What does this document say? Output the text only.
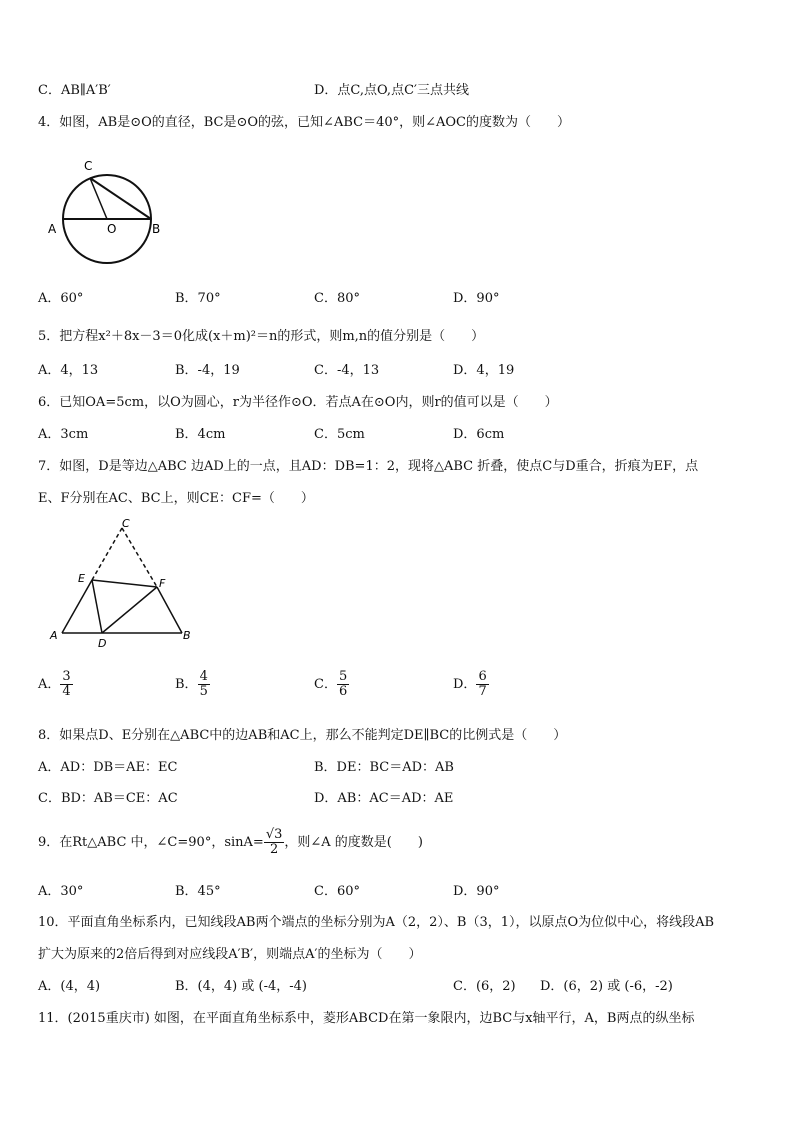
C．AB∥A′B′	D．点C,点O,点C′三点共线
4．如图，AB是⊙O的直径，BC是⊙O的弦，已知∠ABC＝40°，则∠AOC的度数为（　　）
C
A	O	B
A．60°	B．70°	C．80°	D．90°
5．把方程x²＋8x－3＝0化成(x＋m)²＝n的形式，则m,n的值分别是（　　）
A．4，13	B．-4，19	C．-4，13	D．4，19
6．已知OA=5cm，以O为圆心，r为半径作⊙O．若点A在⊙O内，则r的值可以是（　　）
A．3cm	B．4cm	C．5cm	D．6cm
7．如图，D是等边△ABC 边AD上的一点，且AD：DB=1：2，现将△ABC 折叠，使点C与D重合，折痕为EF，点
E、F分别在AC、BC上，则CE：CF=（　　）
C
E	F
A
D
B
A． $\frac{3}{4}$	B． $\frac{4}{5}$	C． $\frac{5}{6}$	D． $\frac{6}{7}$
8．如果点D、E分别在△ABC中的边AB和AC上，那么不能判定DE∥BC的比例式是（　　）
A．AD：DB＝AE：EC	B．DE：BC＝AD：AB
C．BD：AB＝CE：AC	D．AB：AC＝AD：AE
9．在Rt△ABC 中，∠C=90°，$\sin A= \frac{√3}{2}$ ，则∠A 的度数是(　　)
A．30°	B．45°	C．60°	D．90°
10．平面直角坐标系内，已知线段AB两个端点的坐标分别为A（2，2）、B（3，1），以原点O为位似中心，将线段AB
扩大为原来的2倍后得到对应线段A′B′，则端点A′的坐标为（　　）
A．(4，4)	B．(4，4) 或 (-4，-4)	C．(6，2) D．(6，2) 或 (-6，-2)
11．(2015重庆市) 如图，在平面直角坐标系中，菱形ABCD在第一象限内，边BC与x轴平行，A，B两点的纵坐标
